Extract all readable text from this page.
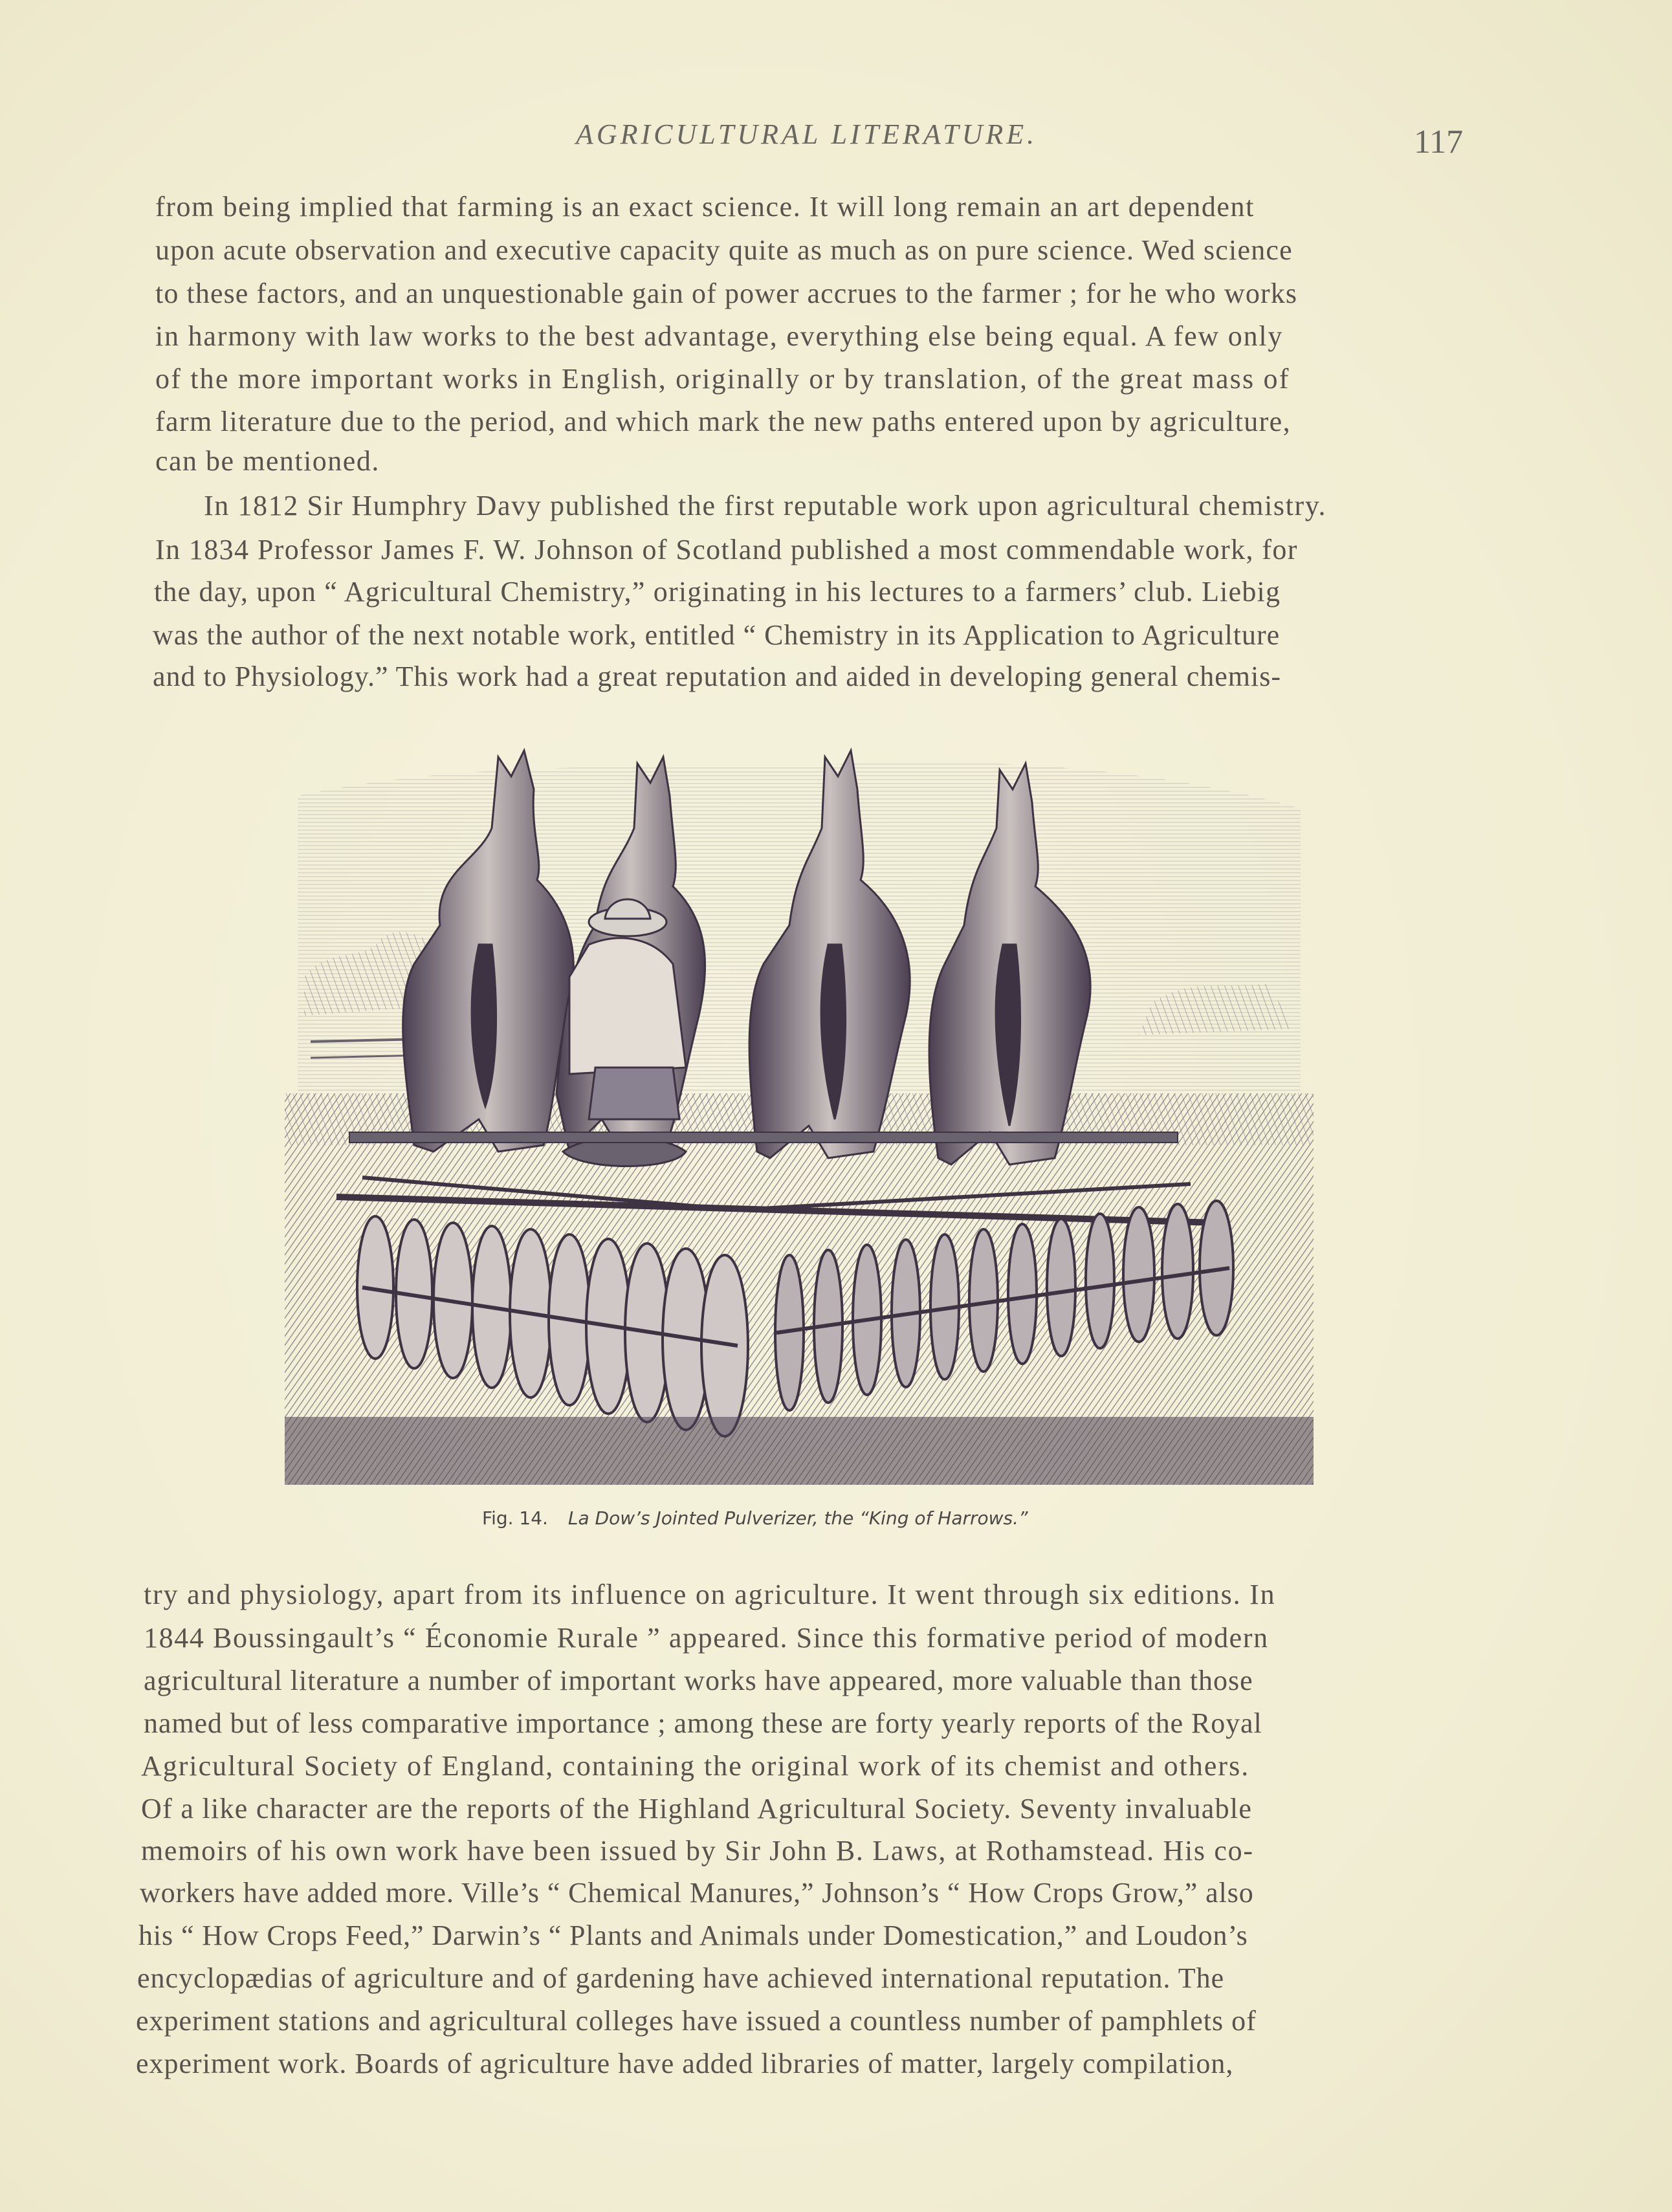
AGRICULTURAL LITERATURE.	117
from being implied that farming is an exact science. It will long remain an art dependent
upon acute observation and executive capacity quite as much as on pure science. Wed science
to these factors, and an unquestionable gain of power accrues to the farmer ; for he who works
in harmony with law works to the best advantage, everything else being equal. A few only
of the more important works in English, originally or by translation, of the great mass of
farm literature due to the period, and which mark the new paths entered upon by agriculture,
can be mentioned.
In 1812 Sir Humphry Davy published the first reputable work upon agricultural chemistry.
In 1834 Professor James F. W. Johnson of Scotland published a most commendable work, for
the day, upon “ Agricultural Chemistry,” originating in his lectures to a farmers’ club. Liebig
was the author of the next notable work, entitled “ Chemistry in its Application to Agriculture
and to Physiology.” This work had a great reputation and aided in developing general chemis-
Fig. 14. La Dow’s Jointed Pulverizer, the “King of Harrows.”
try and physiology, apart from its influence on agriculture. It went through six editions. In
1844 Boussingault’s “ Économie Rurale ” appeared. Since this formative period of modern
agricultural literature a number of important works have appeared, more valuable than those
named but of less comparative importance ; among these are forty yearly reports of the Royal
Agricultural Society of England, containing the original work of its chemist and others.
Of a like character are the reports of the Highland Agricultural Society. Seventy invaluable
memoirs of his own work have been issued by Sir John B. Laws, at Rothamstead. His co-
workers have added more. Ville’s “ Chemical Manures,” Johnson’s “ How Crops Grow,” also
his “ How Crops Feed,” Darwin’s “ Plants and Animals under Domestication,” and Loudon’s
encyclopædias of agriculture and of gardening have achieved international reputation. The
experiment stations and agricultural colleges have issued a countless number of pamphlets of
experiment work. Boards of agriculture have added libraries of matter, largely compilation,
